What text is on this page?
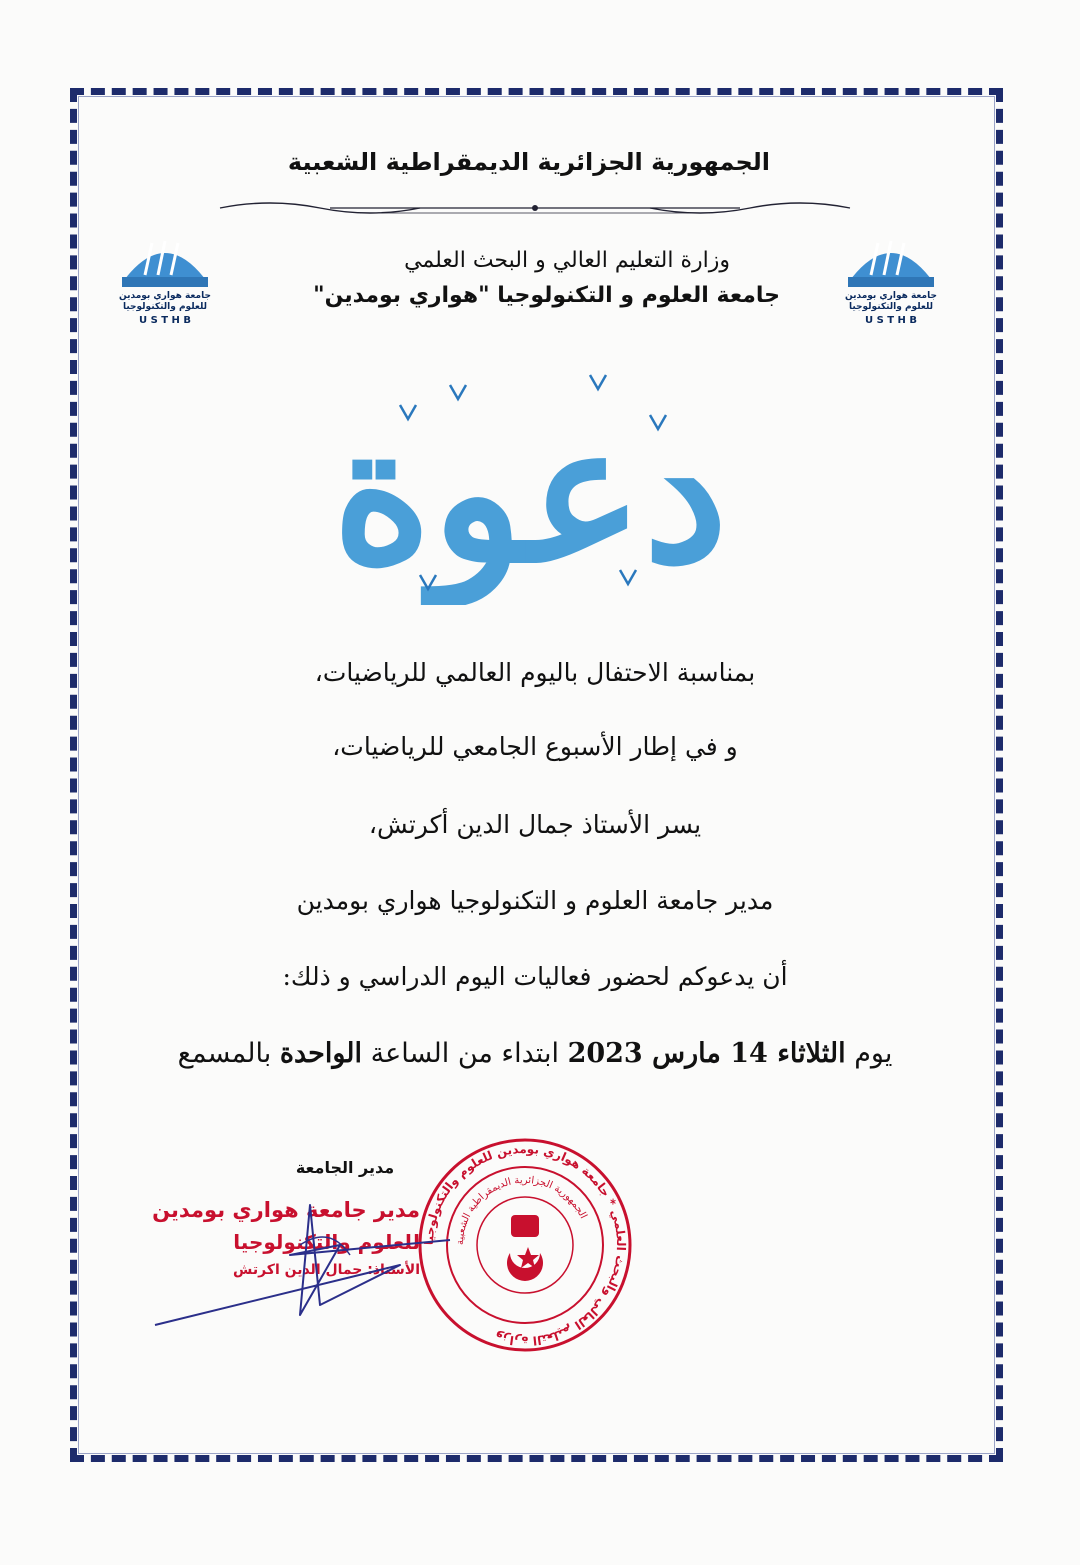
الجمهورية الجزائرية الديمقراطية الشعبية
جامعة هواري بومدين
للعلوم والتكنولوجيا
U S T H B
جامعة هواري بومدين
للعلوم والتكنولوجيا
U S T H B
وزارة التعليم العالي و البحث العلمي
جامعة العلوم و التكنولوجيا "هواري بومدين"
دعوة
بمناسبة الاحتفال باليوم العالمي للرياضيات،
و في إطار الأسبوع الجامعي للرياضيات،
يسر الأستاذ جمال الدين أكرتش،
مدير جامعة العلوم و التكنولوجيا هواري بومدين
أن يدعوكم لحضور فعاليات اليوم الدراسي و ذلك:
يوم الثلاثاء 14 مارس 2023 ابتداء من الساعة الواحدة بالمسمع
مدير الجامعة
وزارة التعليم العالي والبحث العلمي * جامعة هواري بومدين للعلوم والتكنولوجيا
الجمهورية الجزائرية الديمقراطية الشعبية
مدير جامعة هواري بومدين
للعلوم والتكنولوجيا
الأستاذ: جمال الدين اكرتش
